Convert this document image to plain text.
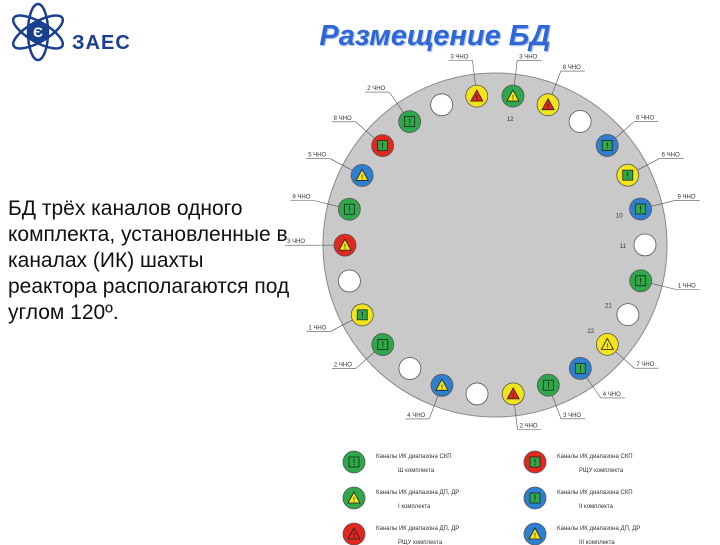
Є ЗАЕС	Размещение БД
БД трёх каналов одного комплекта, установленные в каналах (ИК) шахты реактора располагаются под углом 120º.
!
12
3 ЧНО
!
8 ЧНО
!
6 ЧНО
!
6 ЧНО
!
10
9 ЧНО
11
!
1 ЧНО
21
!
22
7 ЧНО
!
4 ЧНО
!
3 ЧНО
!
2 ЧНО
!
4 ЧНО
!
2 ЧНО
!
1 ЧНО
!
3 ЧНО
!
9 ЧНО
!
5 ЧНО
!
8 ЧНО	!
2 ЧНО
!
3 ЧНО
!
Каналы ИК диапазона СКП
Ш комплекта
!
Каналы ИК диапазона СКП
РЩУ комплекта
!
Каналы ИК диапазона ДП, ДР
I комплекта
!
Каналы ИК диапазона СКП
II комплекта
!
Каналы ИК диапазона ДП, ДР
РЩУ комплекта
!
Каналы ИК диапазона ДП, ДР
III комплекта
